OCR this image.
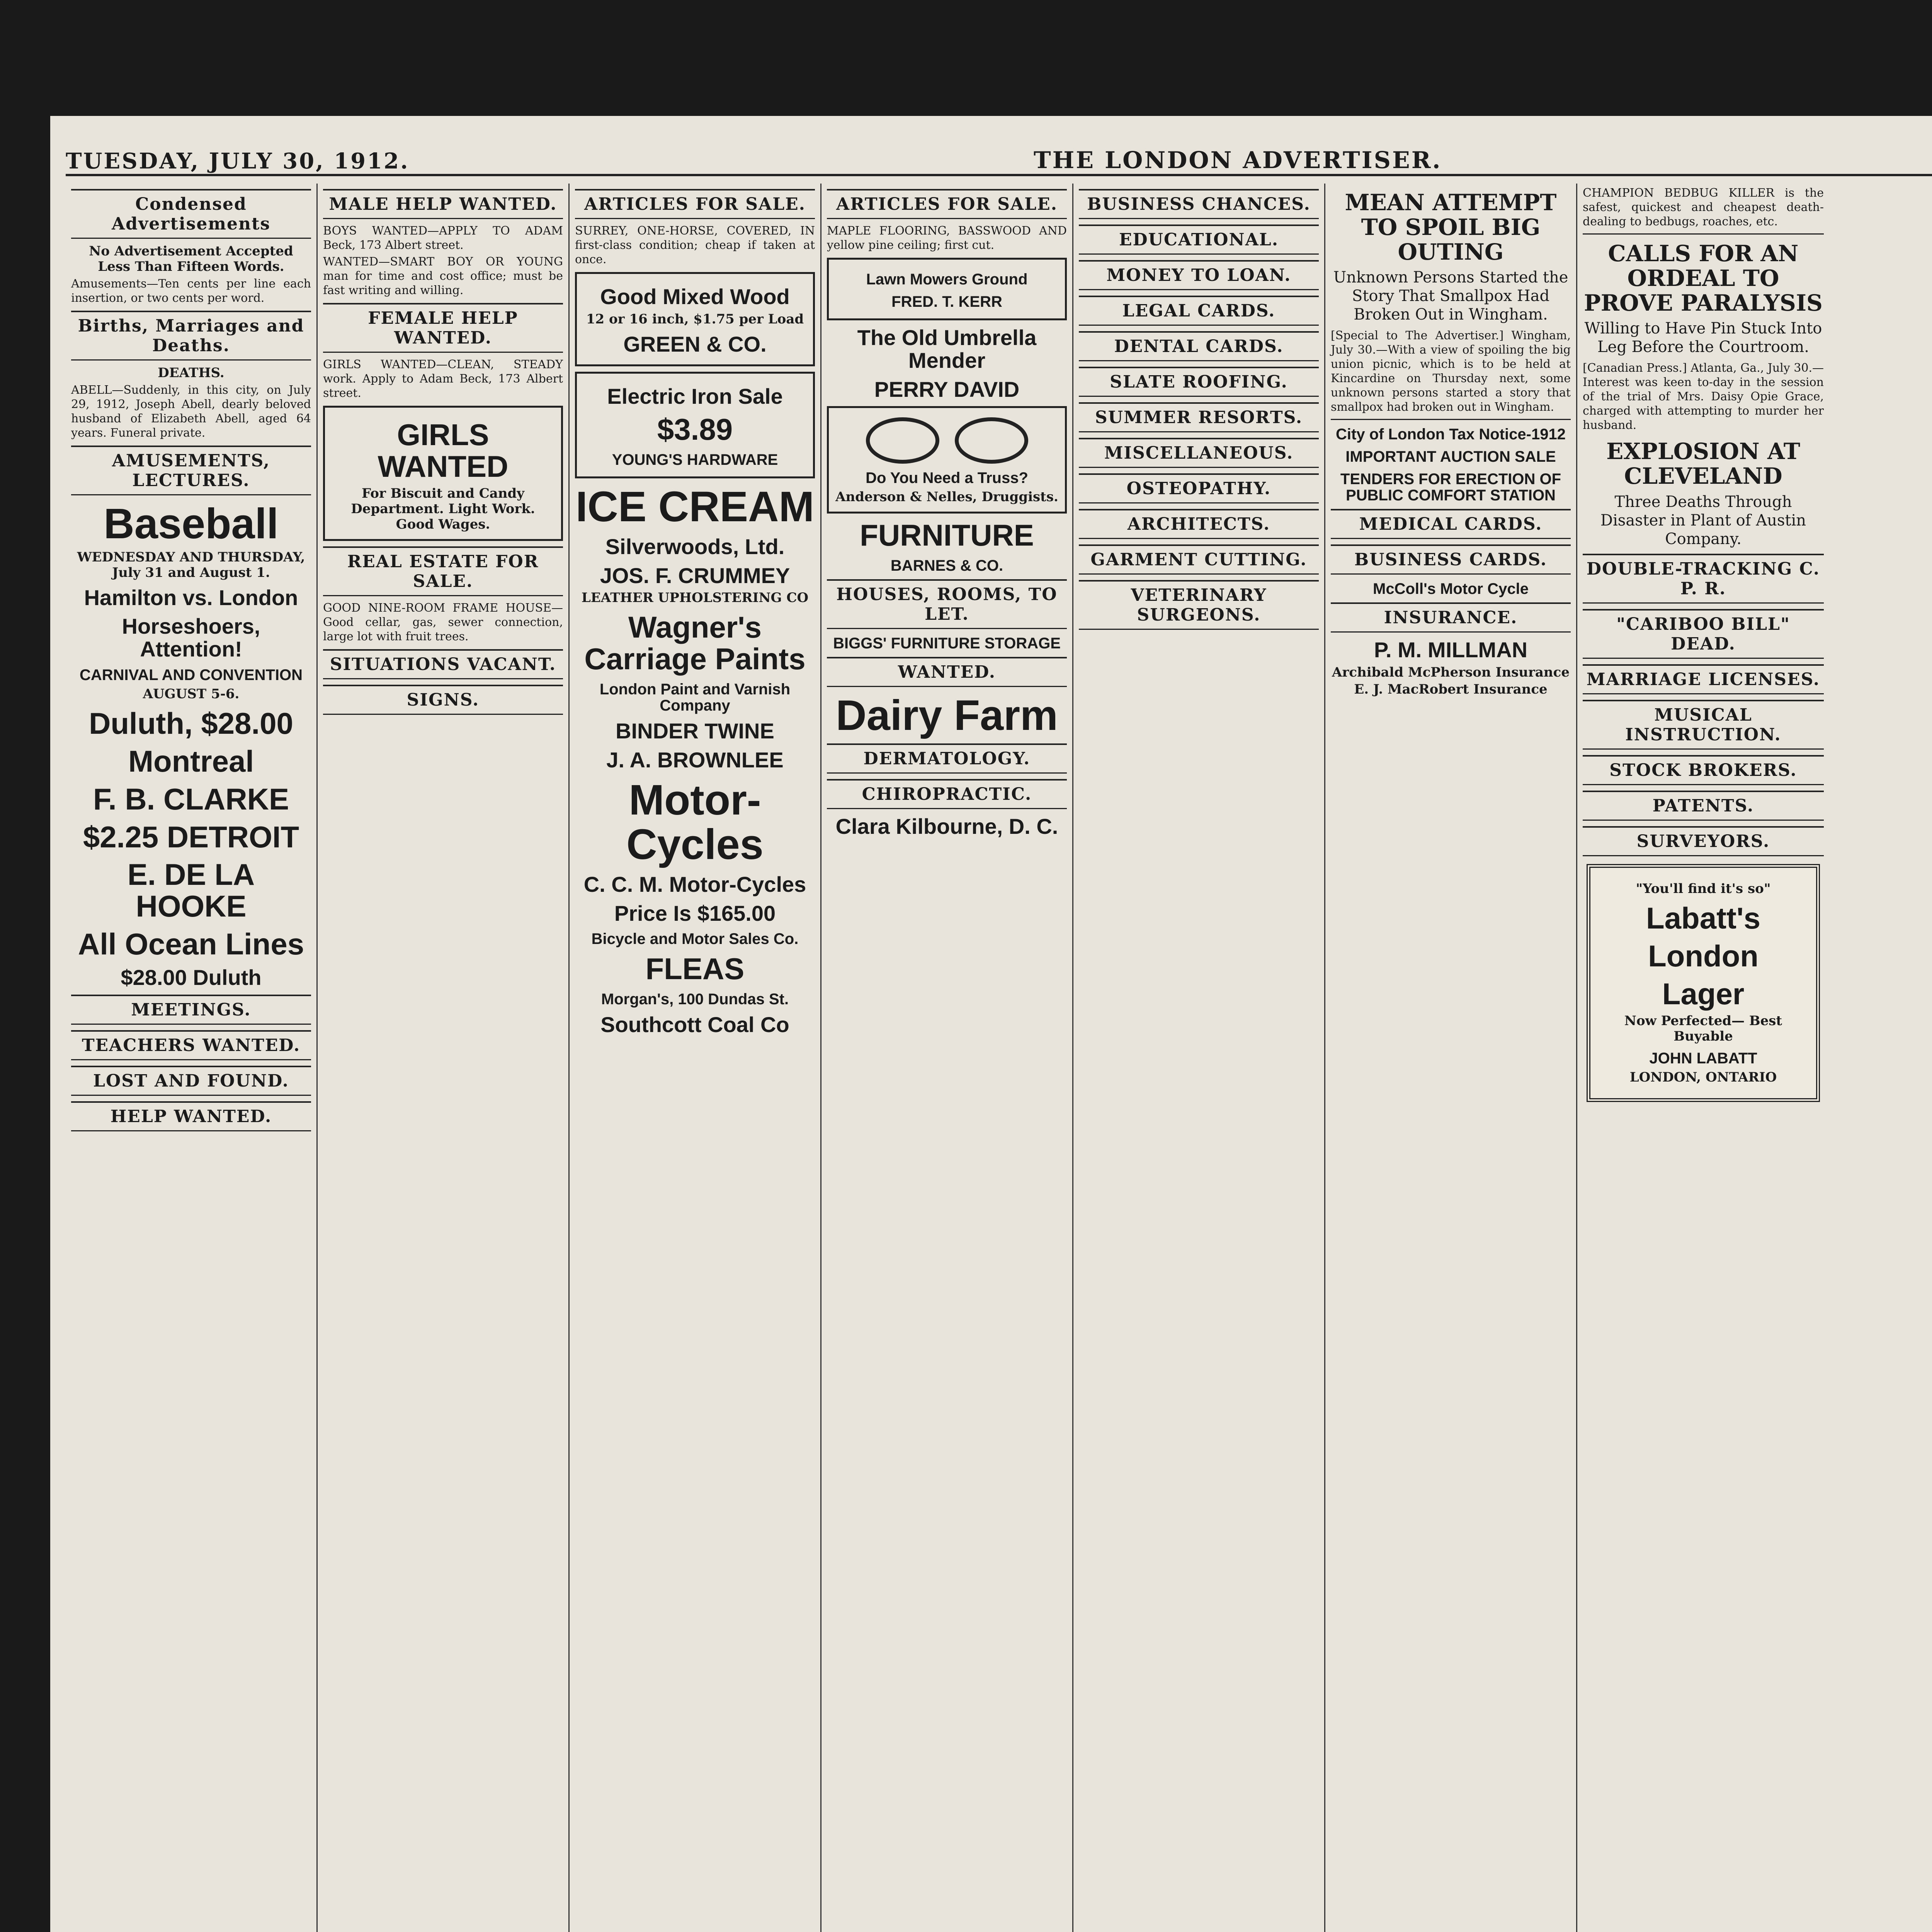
TUESDAY, JULY 30, 1912.	THE LONDON ADVERTISER.
Condensed Advertisements
No Advertisement Accepted Less Than Fifteen Words.
Amusements—Ten cents per line each insertion, or two cents per word.
Births, Marriages and Deaths.
DEATHS.
ABELL—Suddenly, in this city, on July 29, 1912, Joseph Abell, dearly beloved husband of Elizabeth Abell, aged 64 years. Funeral private.
AMUSEMENTS, LECTURES.
Baseball
WEDNESDAY AND THURSDAY, July 31 and August 1.
Hamilton vs. London
Horseshoers, Attention!
CARNIVAL AND CONVENTION
AUGUST 5-6.
Duluth, $28.00
Montreal
F. B. CLARKE
$2.25 DETROIT
E. DE LA HOOKE
All Ocean Lines
$28.00 Duluth
MEETINGS.
TEACHERS WANTED.
LOST AND FOUND.
HELP WANTED.
MALE HELP WANTED.
BOYS WANTED—APPLY TO ADAM Beck, 173 Albert street.
WANTED—SMART BOY OR YOUNG man for time and cost office; must be fast writing and willing.
FEMALE HELP WANTED.
GIRLS WANTED—CLEAN, STEADY work. Apply to Adam Beck, 173 Albert street.
GIRLS WANTED
For Biscuit and Candy Department. Light Work. Good Wages.
REAL ESTATE FOR SALE.
GOOD NINE-ROOM FRAME HOUSE—Good cellar, gas, sewer connection, large lot with fruit trees.
SITUATIONS VACANT.
SIGNS.
ARTICLES FOR SALE.
SURREY, ONE-HORSE, COVERED, IN first-class condition; cheap if taken at once.
Good Mixed Wood
12 or 16 inch, $1.75 per Load
GREEN & CO.
Electric Iron Sale
$3.89
YOUNG'S HARDWARE
ICE CREAM
Silverwoods, Ltd.
JOS. F. CRUMMEY
LEATHER UPHOLSTERING CO
Wagner's Carriage Paints
London Paint and Varnish Company
BINDER TWINE
J. A. BROWNLEE
Motor-Cycles
C. C. M. Motor-Cycles
Price Is $165.00
Bicycle and Motor Sales Co.
FLEAS
Morgan's, 100 Dundas St.
Southcott Coal Co
ARTICLES FOR SALE.
MAPLE FLOORING, BASSWOOD AND yellow pine ceiling; first cut.
Lawn Mowers Ground
FRED. T. KERR
The Old Umbrella Mender
PERRY DAVID
Do You Need a Truss?
Anderson & Nelles, Druggists.
FURNITURE
BARNES & CO.
HOUSES, ROOMS, TO LET.
BIGGS' FURNITURE STORAGE
WANTED.
Dairy Farm
DERMATOLOGY.
CHIROPRACTIC.
Clara Kilbourne, D. C.
BUSINESS CHANCES.
EDUCATIONAL.
MONEY TO LOAN.
LEGAL CARDS.
DENTAL CARDS.
SLATE ROOFING.
SUMMER RESORTS.
MISCELLANEOUS.
OSTEOPATHY.
ARCHITECTS.
GARMENT CUTTING.
VETERINARY SURGEONS.
MEAN ATTEMPT TO SPOIL BIG OUTING
Unknown Persons Started the Story That Smallpox Had Broken Out in Wingham.
[Special to The Advertiser.] Wingham, July 30.—With a view of spoiling the big union picnic, which is to be held at Kincardine on Thursday next, some unknown persons started a story that smallpox had broken out in Wingham.
City of London Tax Notice-1912
IMPORTANT AUCTION SALE
TENDERS FOR ERECTION OF PUBLIC COMFORT STATION
MEDICAL CARDS.
BUSINESS CARDS.
McColl's Motor Cycle
INSURANCE.
P. M. MILLMAN
Archibald McPherson Insurance
E. J. MacRobert Insurance
CHAMPION BEDBUG KILLER is the safest, quickest and cheapest death-dealing to bedbugs, roaches, etc.
CALLS FOR AN ORDEAL TO PROVE PARALYSIS
Willing to Have Pin Stuck Into Leg Before the Courtroom.
[Canadian Press.] Atlanta, Ga., July 30.—Interest was keen to-day in the session of the trial of Mrs. Daisy Opie Grace, charged with attempting to murder her husband.
EXPLOSION AT CLEVELAND
Three Deaths Through Disaster in Plant of Austin Company.
DOUBLE-TRACKING C. P. R.
"CARIBOO BILL" DEAD.
MARRIAGE LICENSES.
MUSICAL INSTRUCTION.
STOCK BROKERS.
PATENTS.
SURVEYORS.
"You'll find it's so"
Labatt's
London
Lager
Now Perfected— Best Buyable
JOHN LABATT
LONDON, ONTARIO
